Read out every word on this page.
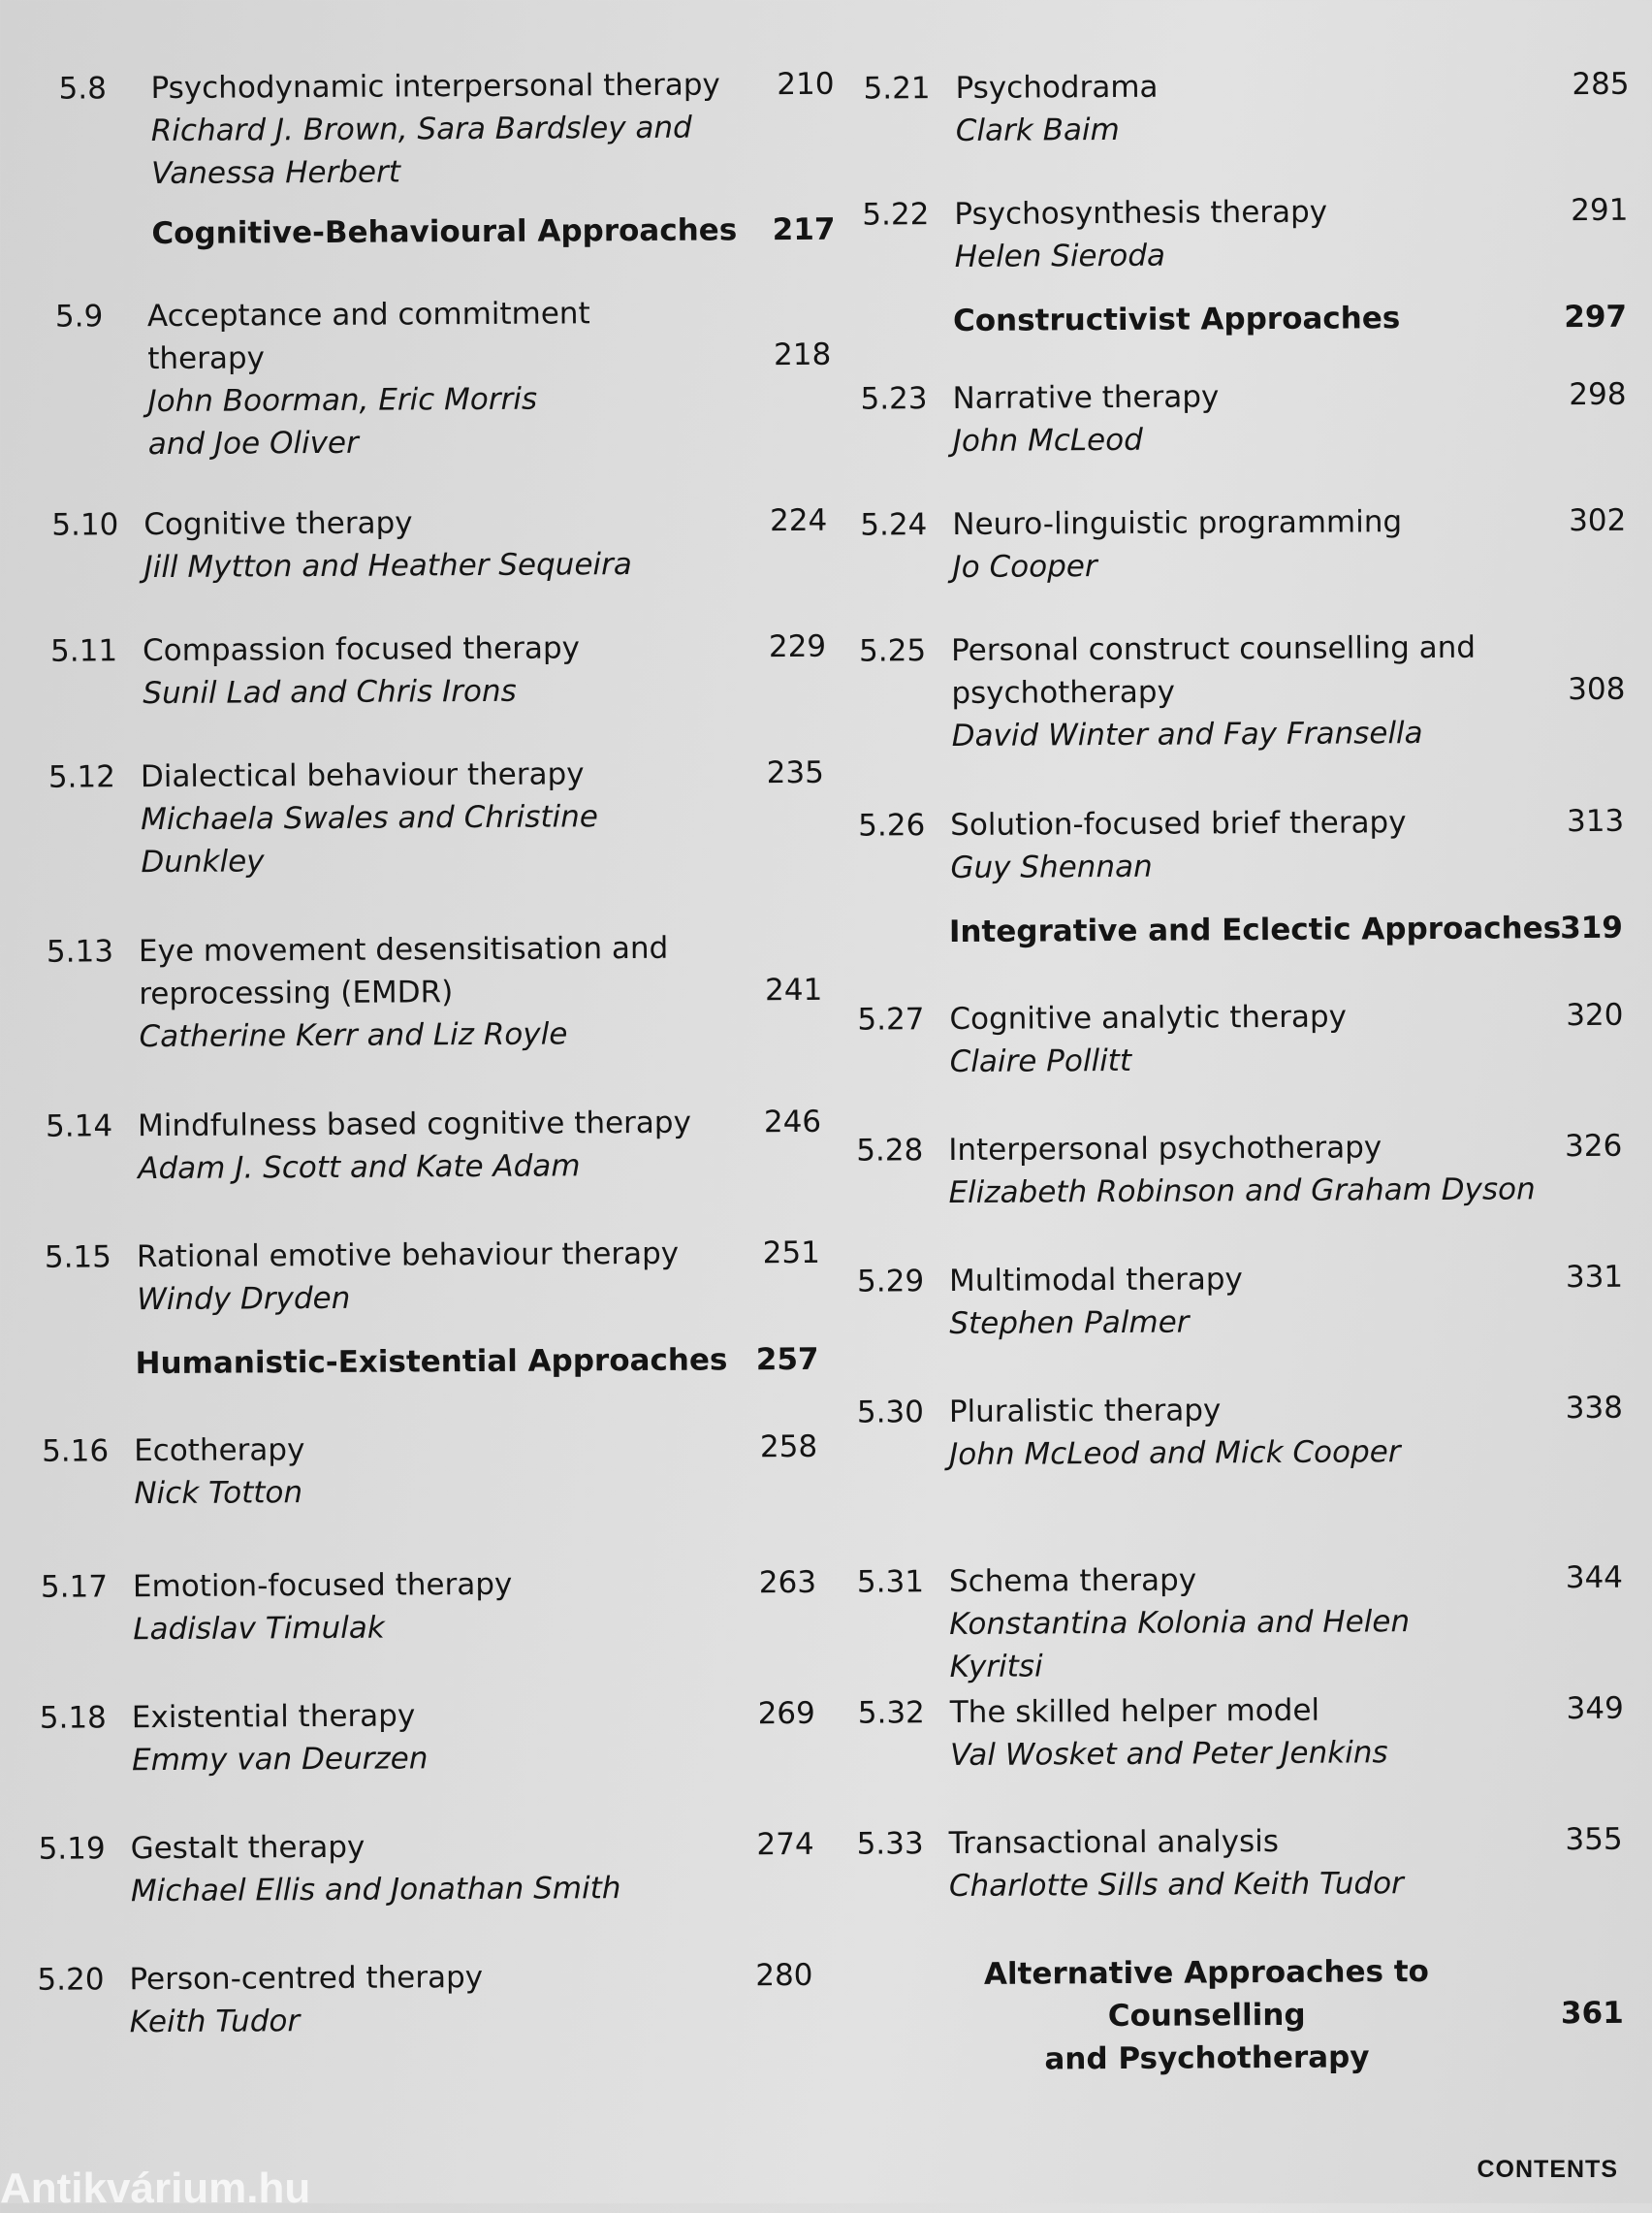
5.8	Psychodynamic interpersonal therapy
Richard J. Brown, Sara Bardsley and
Vanessa Herbert
210
Cognitive-Behavioural Approaches 217
5.9	Acceptance and commitment
therapy
John Boorman, Eric Morris
and Joe Oliver
218
5.10 Cognitive therapy
Jill Mytton and Heather Sequeira
224
5.11 Compassion focused therapy
Sunil Lad and Chris Irons
229
5.12 Dialectical behaviour therapy
Michaela Swales and Christine
Dunkley
235
5.13 Eye movement desensitisation and
reprocessing (EMDR)
Catherine Kerr and Liz Royle
241
5.14 Mindfulness based cognitive therapy
Adam J. Scott and Kate Adam
246
5.15 Rational emotive behaviour therapy
Windy Dryden
251
Humanistic-Existential Approaches 257
5.16 Ecotherapy
Nick Totton
258
5.17 Emotion-focused therapy
Ladislav Timulak
263
5.18 Existential therapy
Emmy van Deurzen
269
5.19 Gestalt therapy
Michael Ellis and Jonathan Smith
274
5.20 Person-centred therapy
Keith Tudor
280
5.21 Psychodrama
Clark Baim
285
5.22 Psychosynthesis therapy
Helen Sieroda
291
Constructivist Approaches	297
5.23 Narrative therapy
John McLeod
298
5.24 Neuro-linguistic programming
Jo Cooper
302
5.25 Personal construct counselling and
psychotherapy
David Winter and Fay Fransella
308
5.26 Solution-focused brief therapy
Guy Shennan
313
Integrative and Eclectic Approaches
319
5.27 Cognitive analytic therapy
Claire Pollitt
320
5.28 Interpersonal psychotherapy
Elizabeth Robinson and Graham Dyson
326
5.29 Multimodal therapy
Stephen Palmer
331
5.30 Pluralistic therapy
John McLeod and Mick Cooper
338
5.31 Schema therapy
Konstantina Kolonia and Helen
Kyritsi
344
5.32 The skilled helper model
Val Wosket and Peter Jenkins
349
5.33 Transactional analysis
Charlotte Sills and Keith Tudor
355
Alternative Approaches to Counselling
and Psychotherapy
361
CONTENTS
Antikvárium.hu
